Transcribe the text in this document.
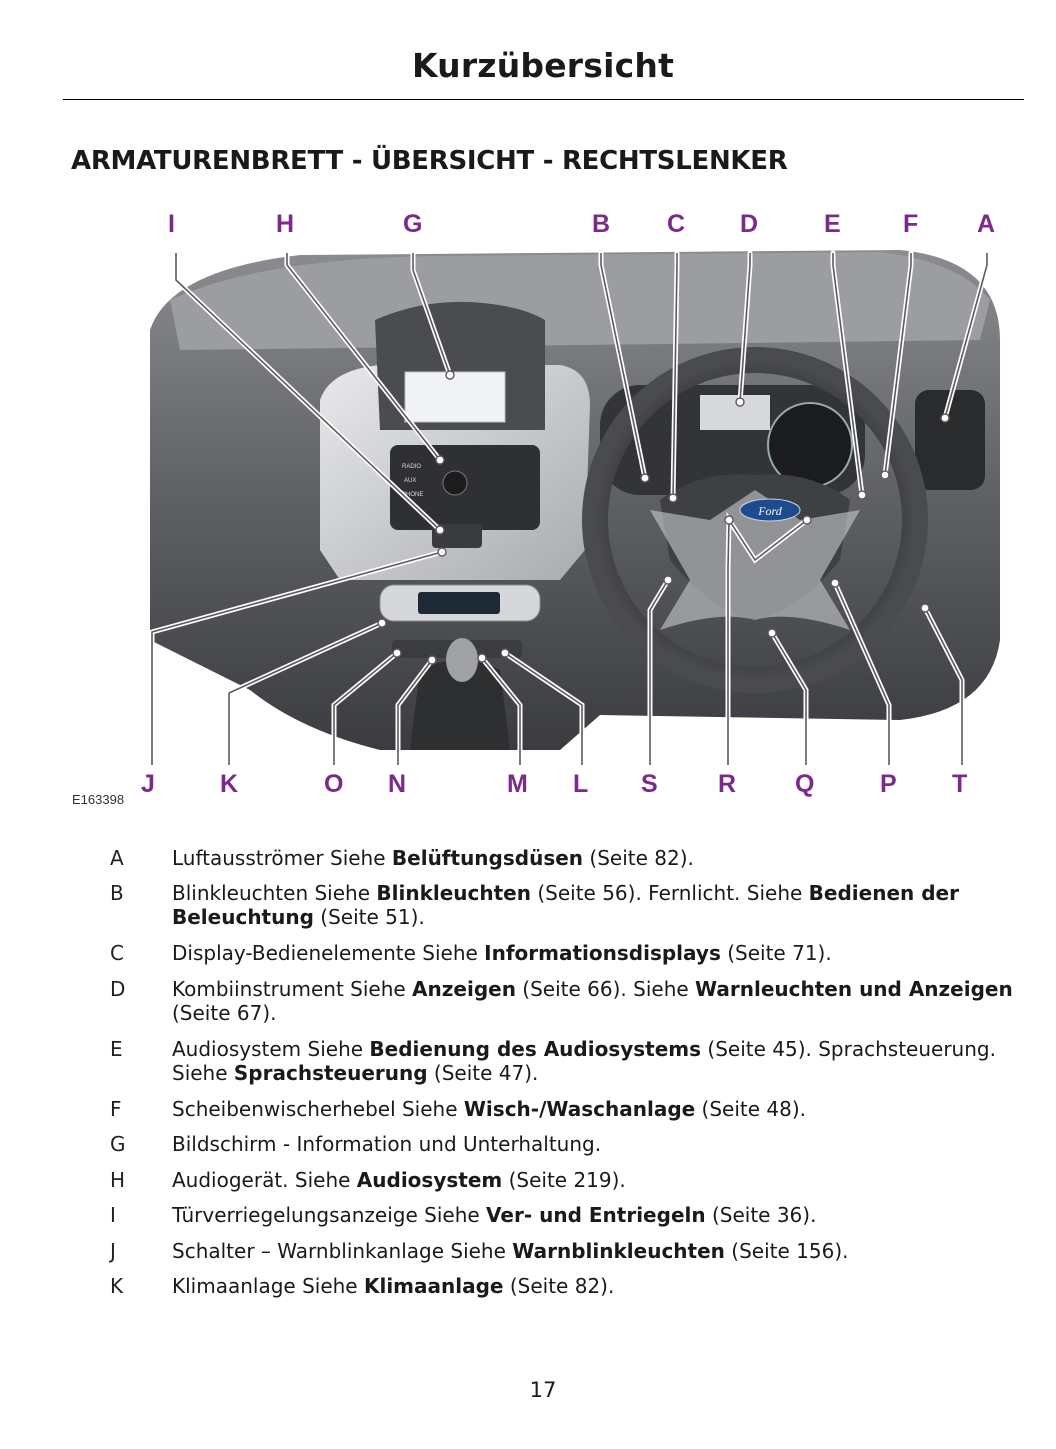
Kurzübersicht
ARMATURENBRETT - ÜBERSICHT - RECHTSLENKER
RADIO
AUX
PHONE
Ford
I	H	G	B C D	E F A
J	K	O N	M L S R Q	P T
E163398
A	Luftausströmer Siehe Belüftungsdüsen (Seite 82).
B	Blinkleuchten Siehe Blinkleuchten (Seite 56). Fernlicht. Siehe Bedienen der Beleuchtung (Seite 51).
C	Display-Bedienelemente Siehe Informationsdisplays (Seite 71).
D Kombiinstrument Siehe Anzeigen (Seite 66). Siehe Warnleuchten und Anzeigen (Seite 67).
E	Audiosystem Siehe Bedienung des Audiosystems (Seite 45). Sprachsteuerung. Siehe Sprachsteuerung (Seite 47).
F	Scheibenwischerhebel Siehe Wisch-/Waschanlage (Seite 48).
G Bildschirm - Information und Unterhaltung.
H Audiogerät. Siehe Audiosystem (Seite 219).
I	Türverriegelungsanzeige Siehe Ver- und Entriegeln (Seite 36).
J	Schalter – Warnblinkanlage Siehe Warnblinkleuchten (Seite 156).
K	Klimaanlage Siehe Klimaanlage (Seite 82).
17
